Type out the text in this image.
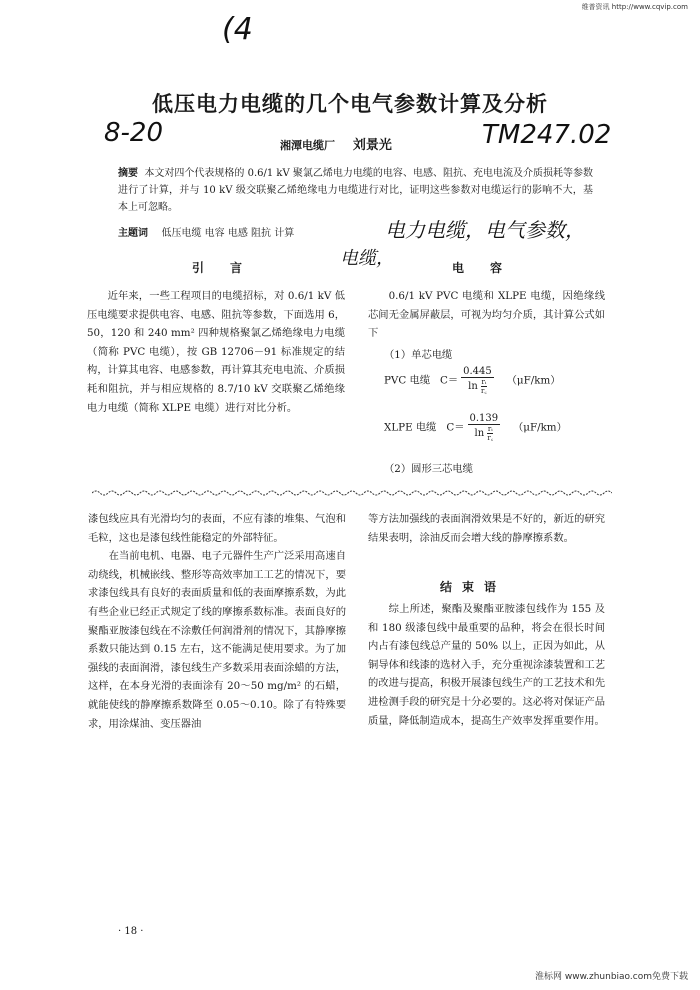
维普资讯 http://www.cqvip.com
淮标网 www.zhunbiao.com免费下载
(4
8-20	TM247.02
电力电缆，电气参数，
电缆，
低压电力电缆的几个电气参数计算及分析
湘潭电缆厂 刘景光
摘要 本文对四个代表规格的 0.6/1 kV 聚氯乙烯电力电缆的电容、电感、阻抗、充电电流及介质损耗等参数进行了计算，并与 10 kV 级交联聚乙烯绝缘电力电缆进行对比，证明这些参数对电缆运行的影响不大，基本上可忽略。
主题词 低压电缆 电容 电感 阻抗 计算
引言	电容

近年来，一些工程项目的电缆招标，对 0.6/1 kV 低压电缆要求提供电容、电感、阻抗等参数，下面选用 6，50，120 和 240 mm² 四种规格聚氯乙烯绝缘电力电缆（简称 PVC 电缆），按 GB 12706－91 标准规定的结构，计算其电容、电感参数，再计算其充电电流、介质损耗和阻抗，并与相应规格的 8.7/10 kV 交联聚乙烯绝缘电力电缆（简称 XLPE 电缆）进行对比分析。

0.6/1 kV PVC 电缆和 XLPE 电缆，因绝缘线芯间无金属屏蔽层，可视为均匀介质，其计算公式如下

（1）单芯电缆
PVC 电缆 $C= \frac{0.445}{\ln \frac{\text{rᵢ}}{r꜀}} (\mu F/km)$
XLPE 电缆 $C= \frac{0.139}{\ln \frac{\text{rᵢ}}{r꜀}} (\mu F/km)$
（2）圆形三芯电缆

漆包线应具有光滑均匀的表面，不应有漆的堆集、气泡和毛粒，这也是漆包线性能稳定的外部特征。

在当前电机、电器、电子元器件生产广泛采用高速自动绕线，机械嵌线、整形等高效率加工工艺的情况下，要求漆包线具有良好的表面质量和低的表面摩擦系数，为此有些企业已经正式规定了线的摩擦系数标准。表面良好的聚酯亚胺漆包线在不涂敷任何润滑剂的情况下，其静摩擦系数只能达到 0.15 左右，这不能满足使用要求。为了加强线的表面润滑，漆包线生产多数采用表面涂蜡的方法，这样，在本身光滑的表面涂有 20～50 mg/m² 的石蜡，就能使线的静摩擦系数降至 0.05～0.10。除了有特殊要求，用涂煤油、变压器油

等方法加强线的表面润滑效果是不好的，新近的研究结果表明，涂油反而会增大线的静摩擦系数。

结束语

综上所述，聚酯及聚酯亚胺漆包线作为 155 及和 180 级漆包线中最重要的品种，将会在很长时间内占有漆包线总产量的 50% 以上，正因为如此，从铜导体和线漆的选材入手，充分重视涂漆装置和工艺的改进与提高，积极开展漆包线生产的工艺技术和先进检测手段的研究是十分必要的。这必将对保证产品质量，降低制造成本，提高生产效率发挥重要作用。

· 18 ·
